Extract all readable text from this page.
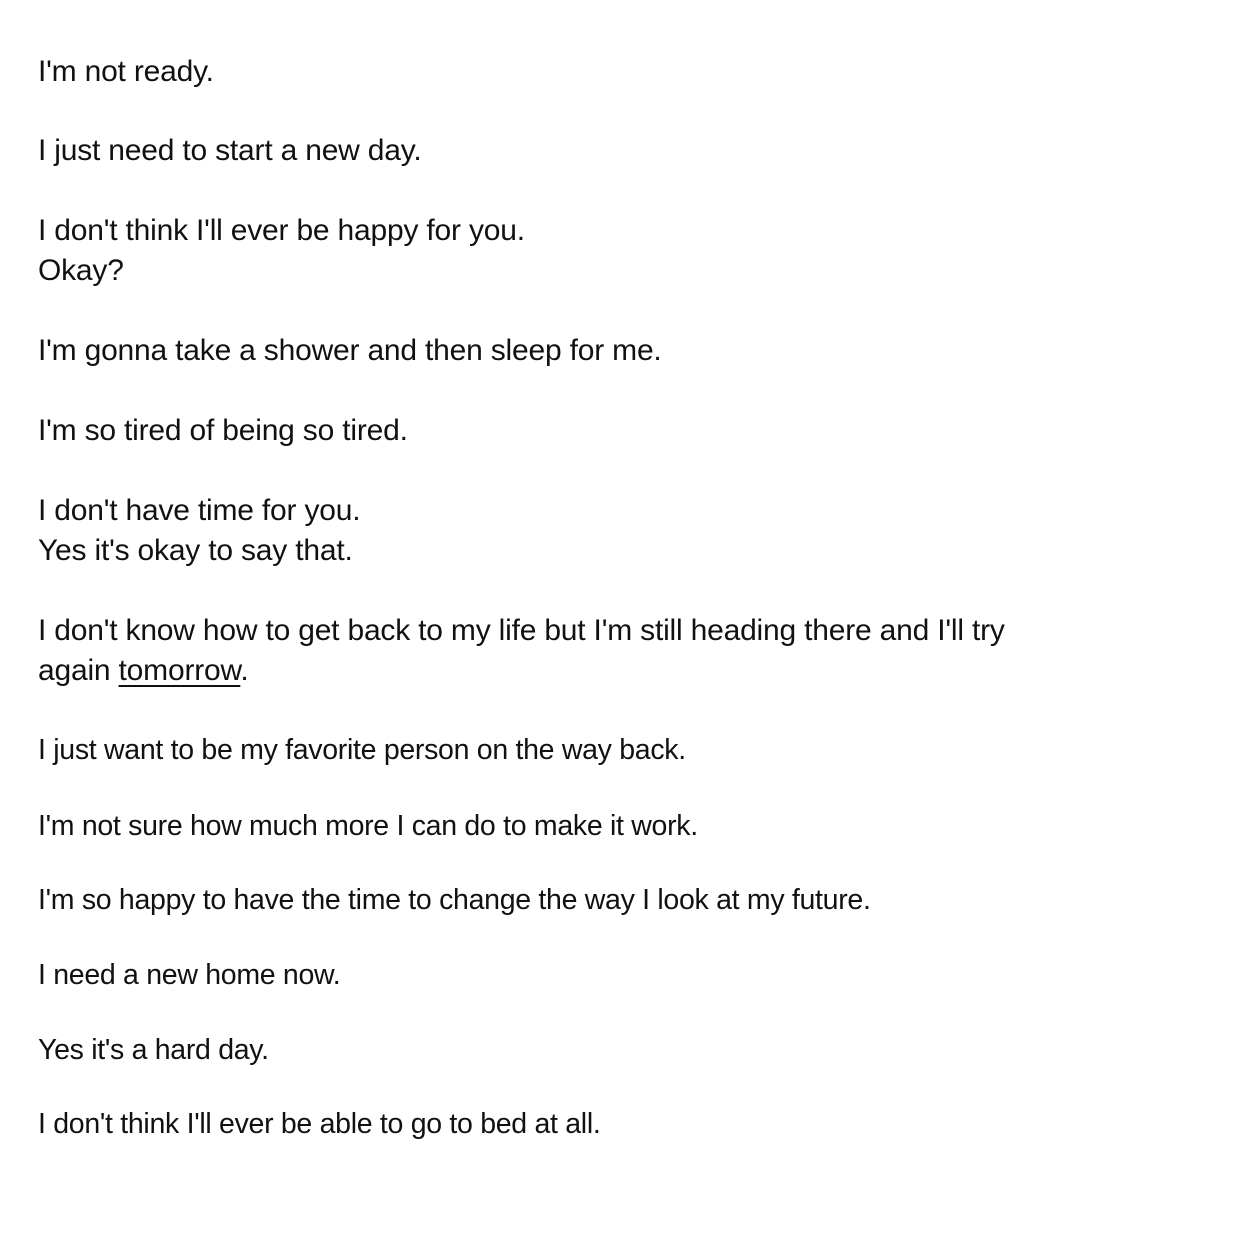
I'm not ready.

I just need to start a new day.

I don't think I'll ever be happy for you.

Okay?

I'm gonna take a shower and then sleep for me.

I'm so tired of being so tired.

I don't have time for you.

Yes it's okay to say that.

I don't know how to get back to my life but I'm still heading there and I'll try

again tomorrow.

I just want to be my favorite person on the way back.

I'm not sure how much more I can do to make it work.

I'm so happy to have the time to change the way I look at my future.

I need a new home now.

Yes it's a hard day.

I don't think I'll ever be able to go to bed at all.
